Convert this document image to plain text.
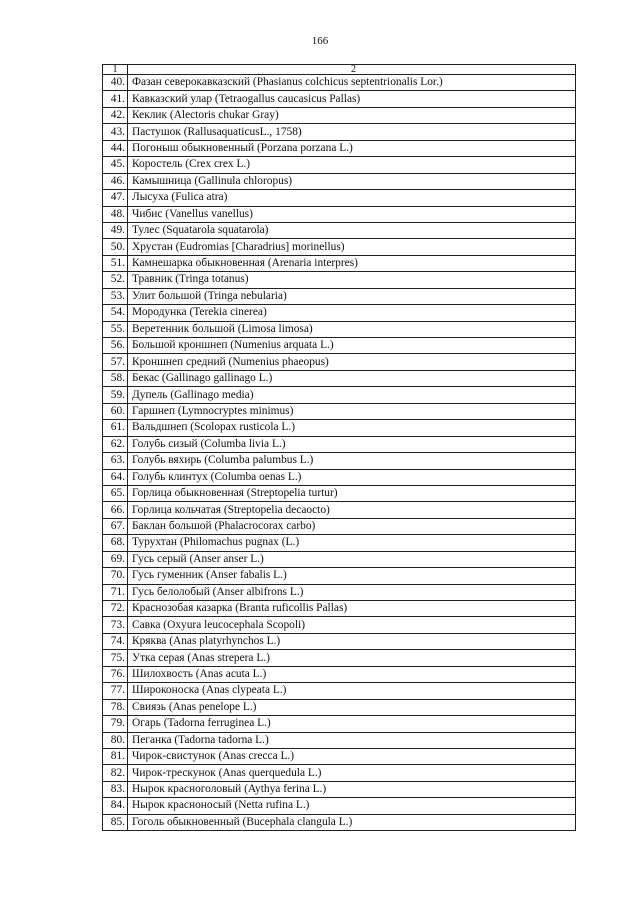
166
1	2
40.	Фазан северокавказский (Phasianus colchicus septentrionalis Lor.)
41.	Кавказский улар (Tetraogallus caucasicus Pallas)
42.	Кеклик (Alectoris chukar Gray)
43.	Пастушок (RallusaquaticusL., 1758)
44.	Погоныш обыкновенный (Porzana porzana L.)
45.	Коростель (Crex crex L.)
46.	Камышница (Gallinula chloropus)
47.	Лысуха (Fulica atra)
48.	Чибис (Vanellus vanellus)
49.	Тулес (Squatarola squatarola)
50.	Хрустан (Eudromias [Charadrius] morinellus)
51.	Камнешарка обыкновенная (Arenaria interpres)
52.	Травник (Tringa totanus)
53.	Улит большой (Tringa nebularia)
54.	Мородунка (Terekia cinerea)
55.	Веретенник большой (Limosa limosa)
56.	Большой кроншнеп (Numenius arquata L.)
57.	Кроншнеп средний (Numenius phaeopus)
58.	Бекас (Gallinago gallinago L.)
59.	Дупель (Gallinago media)
60.	Гаршнеп (Lymnocryptes minimus)
61.	Вальдшнеп (Scolopax rusticola L.)
62.	Голубь сизый (Columba livia L.)
63.	Голубь вяхирь (Columba palumbus L.)
64.	Голубь клинтух (Columba oenas L.)
65.	Горлица обыкновенная (Streptopelia turtur)
66.	Горлица кольчатая (Streptopelia decaocto)
67.	Баклан большой (Phalacrocorax carbo)
68.	Турухтан (Philomachus pugnax (L.)
69.	Гусь серый (Anser anser L.)
70.	Гусь гуменник (Anser fabalis L.)
71.	Гусь белолобый (Anser albifrons L.)
72.	Краснозобая казарка (Branta ruficollis Pallas)
73.	Савка (Oxyura leucocephala Scopoli)
74.	Кряква (Anas platyrhynchos L.)
75.	Утка серая (Anas strepera L.)
76.	Шилохвость (Anas acuta L.)
77.	Широконоска (Anas clypeata L.)
78.	Свиязь (Anas penelope L.)
79.	Огарь (Tadorna ferruginea L.)
80.	Пеганка (Tadorna tadorna L.)
81.	Чирок-свистунок (Anas crecca L.)
82.	Чирок-трескунок (Anas querquedula L.)
83.	Нырок красноголовый (Aythya ferina L.)
84.	Нырок красноносый (Netta rufina L.)
85.	Гоголь обыкновенный (Bucephala clangula L.)
